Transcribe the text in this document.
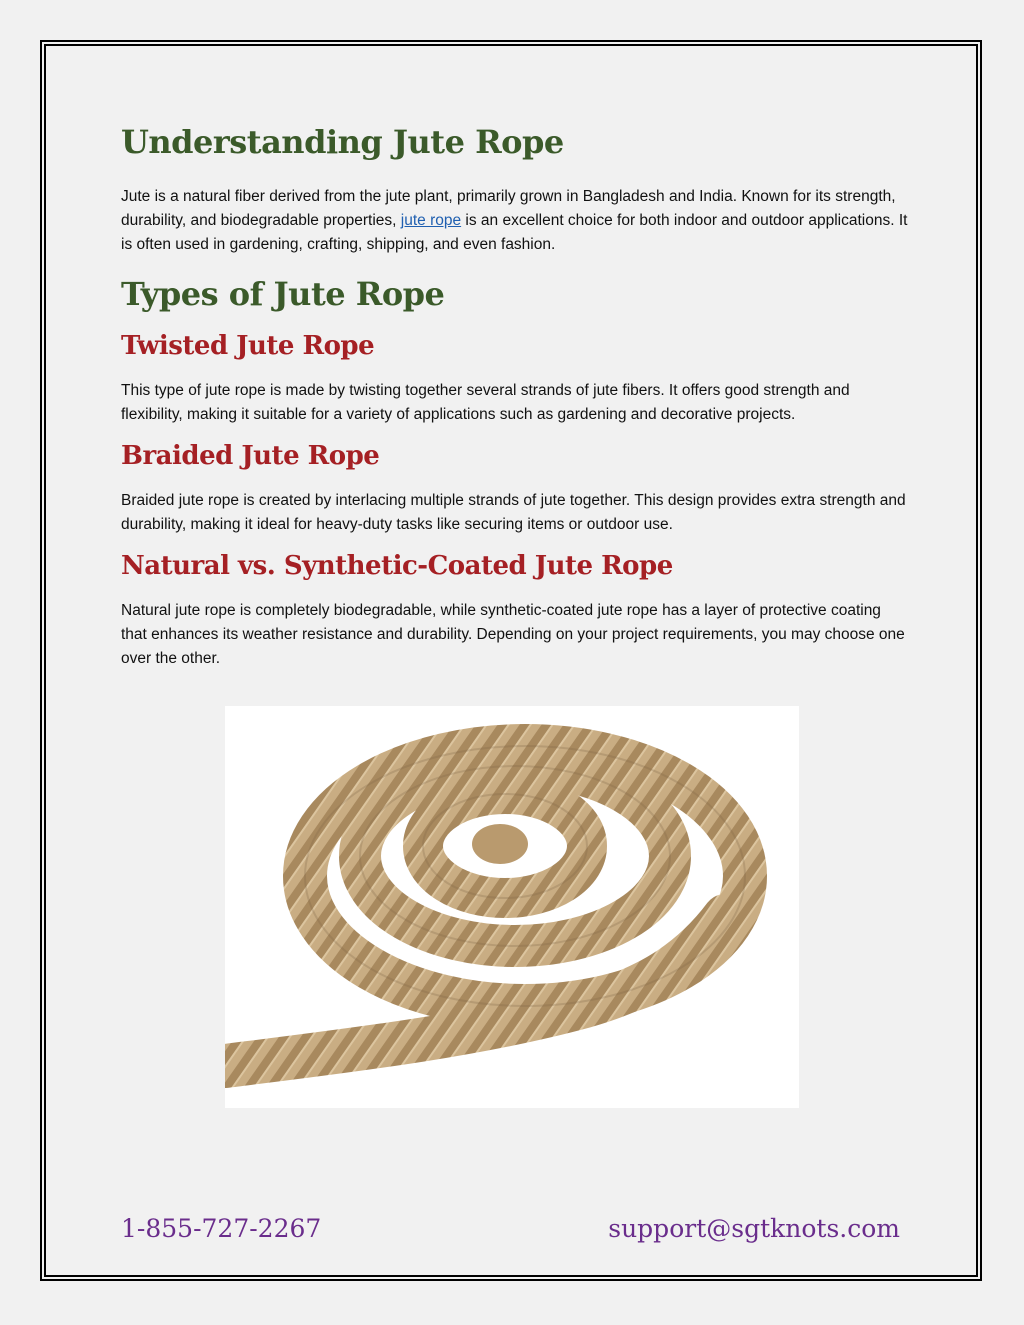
Understanding Jute Rope

Jute is a natural fiber derived from the jute plant, primarily grown in Bangladesh and India. Known for its strength, durability, and biodegradable properties, jute rope is an excellent choice for both indoor and outdoor applications. It is often used in gardening, crafting, shipping, and even fashion.

Types of Jute Rope
Twisted Jute Rope

This type of jute rope is made by twisting together several strands of jute fibers. It offers good strength and flexibility, making it suitable for a variety of applications such as gardening and decorative projects.

Braided Jute Rope

Braided jute rope is created by interlacing multiple strands of jute together. This design provides extra strength and durability, making it ideal for heavy-duty tasks like securing items or outdoor use.

Natural vs. Synthetic-Coated Jute Rope

Natural jute rope is completely biodegradable, while synthetic-coated jute rope has a layer of protective coating that enhances its weather resistance and durability. Depending on your project requirements, you may choose one over the other.

1-855-727-2267	support@sgtknots.com
